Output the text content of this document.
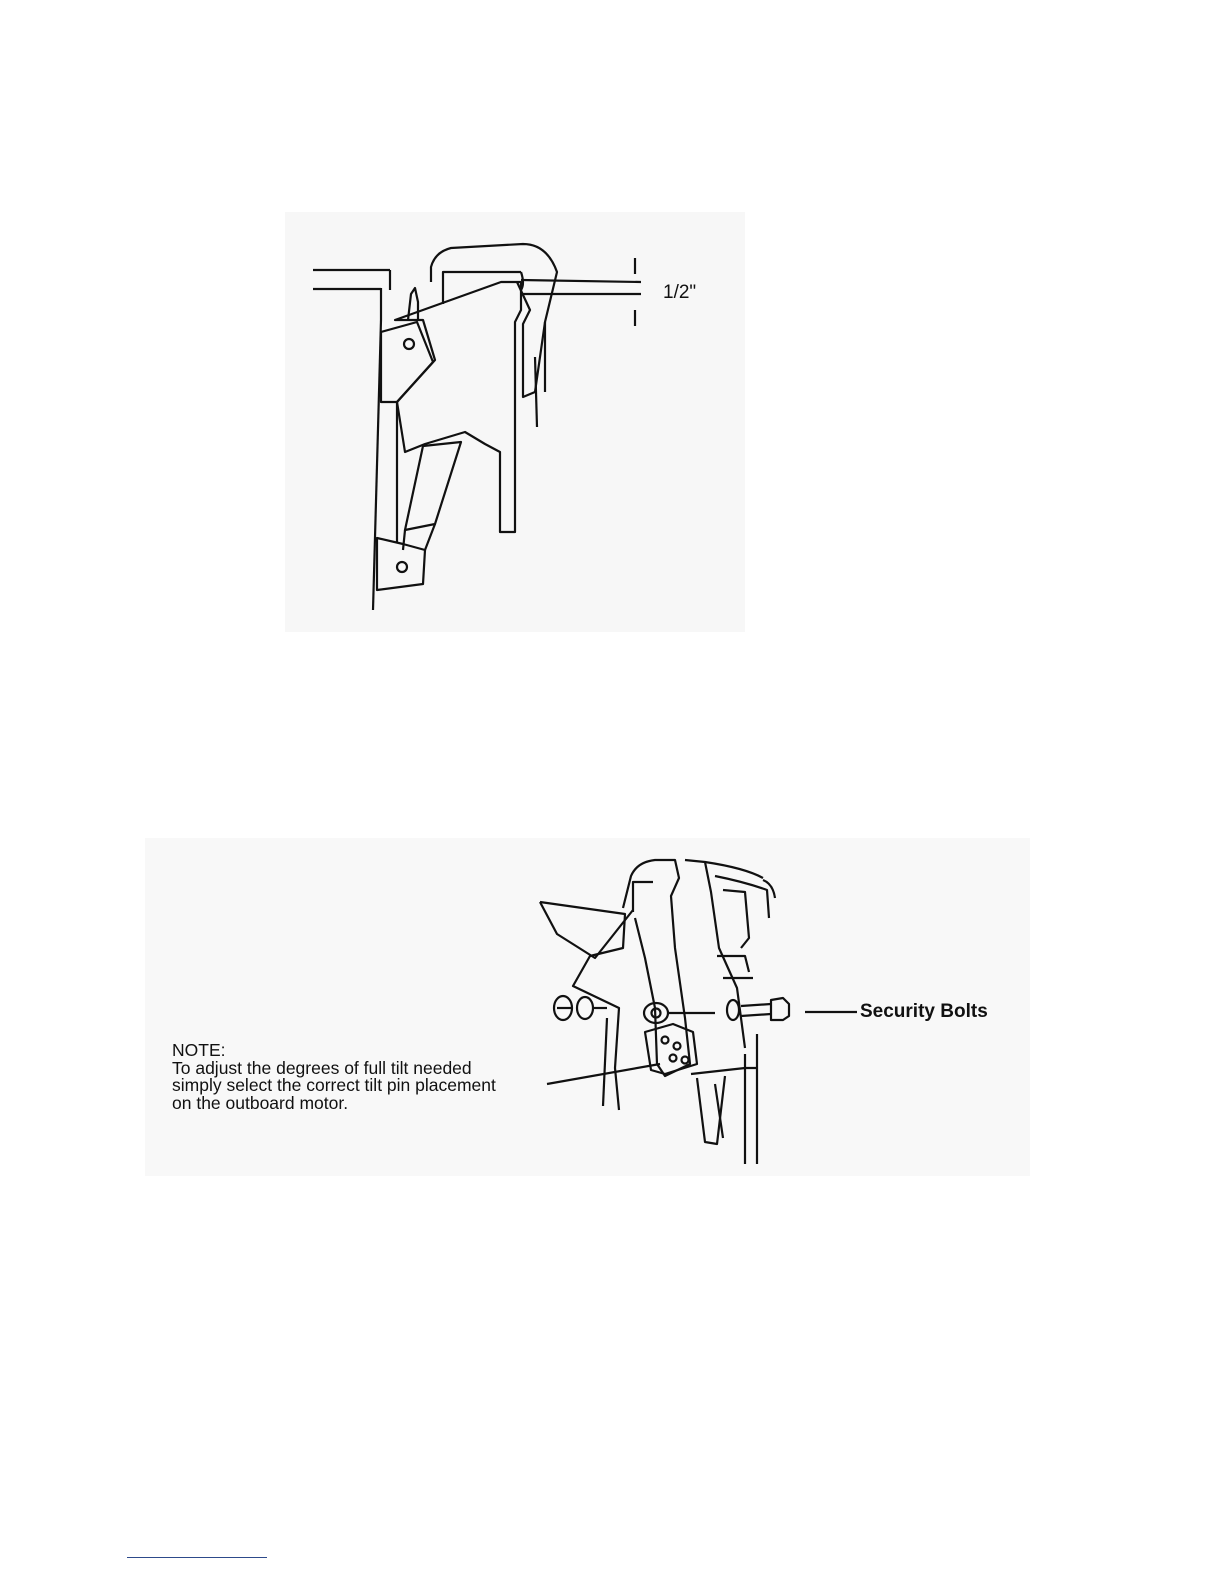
1/2"
NOTE:
To adjust the degrees of full tilt needed
simply select the correct tilt pin placement
on the outboard motor.
Security Bolts
